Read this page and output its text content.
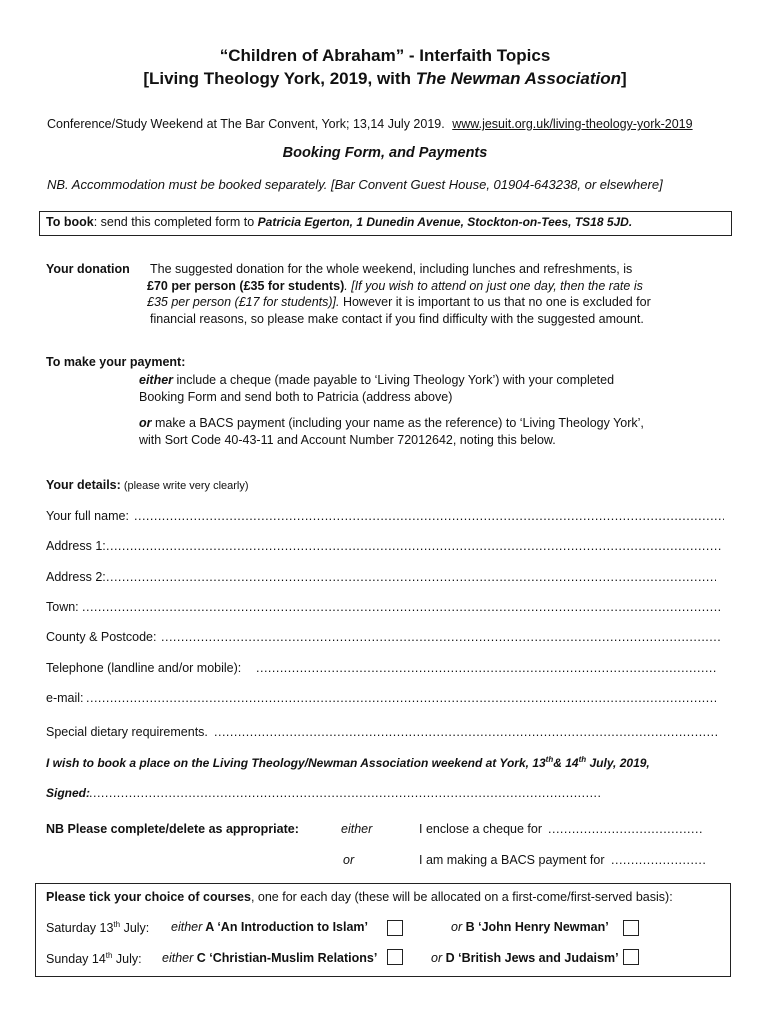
“Children of Abraham” - Interfaith Topics
[Living Theology York, 2019, with The Newman Association]
Conference/Study Weekend at The Bar Convent, York; 13,14 July 2019. www.jesuit.org.uk/living-theology-york-2019
Booking Form, and Payments
NB. Accommodation must be booked separately. [Bar Convent Guest House, 01904-643238, or elsewhere]
To book: send this completed form to Patricia Egerton, 1 Dunedin Avenue, Stockton-on-Tees, TS18 5JD.
Your donation The suggested donation for the whole weekend, including lunches and refreshments, is
£70 per person (£35 for students). [If you wish to attend on just one day, then the rate is
£35 per person (£17 for students)]. However it is important to us that no one is excluded for
financial reasons, so please make contact if you find difficulty with the suggested amount.
To make your payment:
either include a cheque (made payable to ‘Living Theology York’) with your completed
Booking Form and send both to Patricia (address above)
or make a BACS payment (including your name as the reference) to ‘Living Theology York’,
with Sort Code 40-43-11 and Account Number 72012642, noting this below.
Your details: (please write very clearly)
Your full name:
.....
Address 1:
.....
Address 2:
.....
Town:
.....
County & Postcode:
.....
Telephone (landline and/or mobile):
.....
e-mail:
.....
Special dietary requirements.
.....
I wish to book a place on the Living Theology/Newman Association weekend at York, 13th& 14th July, 2019,
Signed:
.....
NB Please complete/delete as appropriate:	either	I enclose a cheque for
.....
or	I am making a BACS payment for
.....
Please tick your choice of courses, one for each day (these will be allocated on a first-come/first-served basis):
Saturday 13th July: either A ‘An Introduction to Islam’	or B ‘John Henry Newman’
Sunday 14th July: either C ‘Christian-Muslim Relations’	or D ‘British Jews and Judaism’
